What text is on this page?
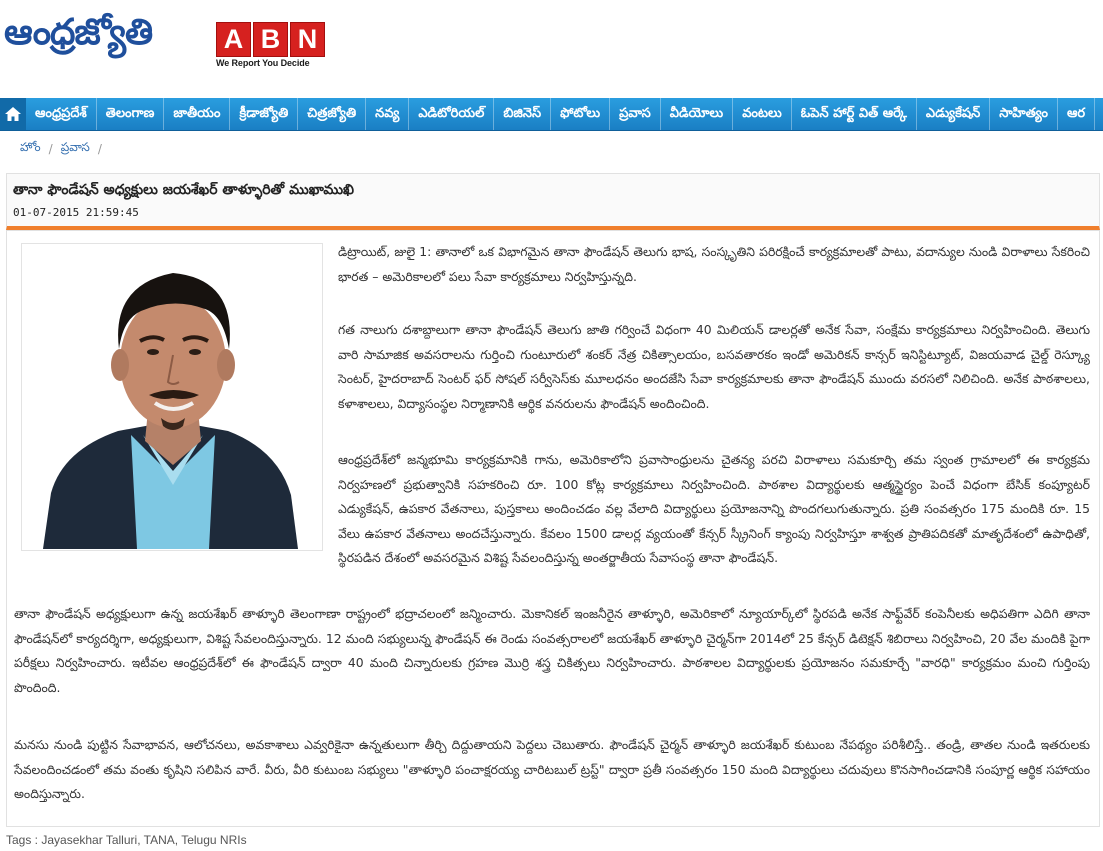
ఆంధ్రజ్యోతి	A B N
We Report You Decide
ఆంధ్రప్రదేశ్	తెలంగాణ	జాతీయం	క్రీడాజ్యోతి	చిత్రజ్యోతి	నవ్య	ఎడిటోరియల్	బిజినెస్	ఫోటోలు	ప్రవాస	వీడియోలు	వంటలు	ఓపెన్ హార్ట్ విత్ ఆర్కే	ఎడ్యుకేషన్	సాహిత్యం	ఆర
హోం / ప్రవాస /
తానా ఫౌండేషన్ అధ్యక్షులు జయశేఖర్ తాళ్ళూరితో ముఖాముఖి
01-07-2015 21:59:45

డిట్రాయిట్, జులై 1: తానాలో ఒక విభాగమైన తానా ఫౌండేషన్ తెలుగు భాష, సంస్కృతిని పరిరక్షించే కార్యక్రమాలతో పాటు, వదాన్యుల నుండి విరాళాలు సేకరించి భారత – అమెరికాలలో పలు సేవా కార్యక్రమాలు నిర్వహిస్తున్నది.

గత నాలుగు దశాబ్దాలుగా తానా ఫౌండేషన్ తెలుగు జాతి గర్వించే విధంగా 40 మిలియన్ డాలర్లతో అనేక సేవా, సంక్షేమ కార్యక్రమాలు నిర్వహించింది. తెలుగు వారి సామాజిక అవసరాలను గుర్తించి గుంటూరులో శంకర్ నేత్ర చికిత్సాలయం, బసవతారకం ఇండో అమెరికన్ కాన్సర్ ఇనిస్టిట్యూట్, విజయవాడ చైల్డ్ రెస్క్యూ సెంటర్, హైదరాబాద్ సెంటర్ ఫర్ సోషల్ సర్వీసెస్‌కు మూలధనం అందజేసి సేవా కార్యక్రమాలకు తానా ఫౌండేషన్ ముందు వరసలో నిలిచింది. అనేక పాఠశాలలు, కళాశాలలు, విద్యాసంస్థల నిర్మాణానికి ఆర్థిక వనరులను ఫౌండేషన్ అందించింది.

ఆంధ్రప్రదేశ్‌లో జన్మభూమి కార్యక్రమానికి గాను, అమెరికాలోని ప్రవాసాంధ్రులను చైతన్య పరచి విరాళాలు సమకూర్చి తమ స్వంత గ్రామాలలో ఈ కార్యక్రమ నిర్వహణలో ప్రభుత్వానికి సహకరించి రూ. 100 కోట్ల కార్యక్రమాలు నిర్వహించింది. పాఠశాల విద్యార్థులకు ఆత్మస్థైర్యం పెంచే విధంగా బేసిక్ కంప్యూటర్ ఎడ్యుకేషన్, ఉపకార వేతనాలు, పుస్తకాలు అందించడం వల్ల వేలాది విద్యార్థులు ప్రయోజనాన్ని పొందగలుగుతున్నారు. ప్రతి సంవత్సరం 175 మందికి రూ. 15 వేలు ఉపకార వేతనాలు అందచేస్తున్నారు. కేవలం 1500 డాలర్ల వ్యయంతో కేన్సర్ స్క్రీనింగ్ క్యాంపు నిర్వహిస్తూ శాశ్వత ప్రాతిపదికతో మాతృదేశంలో ఉపాధితో, స్థిరపడిన దేశంలో అవసరమైన విశిష్ట సేవలందిస్తున్న అంతర్జాతీయ సేవాసంస్థ తానా ఫౌండేషన్.

తానా ఫౌండేషన్ అధ్యక్షులుగా ఉన్న జయశేఖర్ తాళ్ళూరి తెలంగాణా రాష్ట్రంలో భద్రాచలంలో జన్మించారు. మెకానికల్ ఇంజనీరైన తాళ్ళూరి, అమెరికాలో న్యూయార్క్‌లో స్థిరపడి అనేక సాఫ్ట్‌వేర్ కంపెనీలకు అధిపతిగా ఎదిగి తానా ఫౌండేషన్‌లో కార్యదర్శిగా, అధ్యక్షులుగా, విశిష్ట సేవలందిస్తున్నారు. 12 మంది సభ్యులున్న ఫౌండేషన్ ఈ రెండు సంవత్సరాలలో జయశేఖర్ తాళ్ళూరి చైర్మన్‌గా 2014లో 25 కేన్సర్ డిటెక్షన్ శిబిరాలు నిర్వహించి, 20 వేల మందికి పైగా పరీక్షలు నిర్వహించారు. ఇటీవల ఆంధ్రప్రదేశ్‌లో ఈ ఫౌండేషన్ ద్వారా 40 మంది చిన్నారులకు గ్రహణ మొర్రి శస్త్ర చికిత్సలు నిర్వహించారు. పాఠశాలల విద్యార్థులకు ప్రయోజనం సమకూర్చే "వారధి" కార్యక్రమం మంచి గుర్తింపు పొందింది.

మనసు నుండి పుట్టిన సేవాభావన, ఆలోచనలు, అవకాశాలు ఎవ్వరికైనా ఉన్నతులుగా తీర్చి దిద్దుతాయని పెద్దలు చెబుతారు. ఫౌండేషన్ చైర్మన్ తాళ్ళూరి జయశేఖర్ కుటుంబ నేపథ్యం పరిశీలిస్తే.. తండ్రి, తాతల నుండి ఇతరులకు సేవలందించడంలో తమ వంతు కృషిని సలిపిన వారే. వీరు, వీరి కుటుంబ సభ్యులు "తాళ్ళూరి పంచాక్షరయ్య చారిటబుల్ ట్రస్ట్" ద్వారా ప్రతీ సంవత్సరం 150 మంది విద్యార్థులు చదువులు కొనసాగించడానికి సంపూర్ణ ఆర్థిక సహాయం అందిస్తున్నారు.

Tags : Jayasekhar Talluri, TANA, Telugu NRIs
